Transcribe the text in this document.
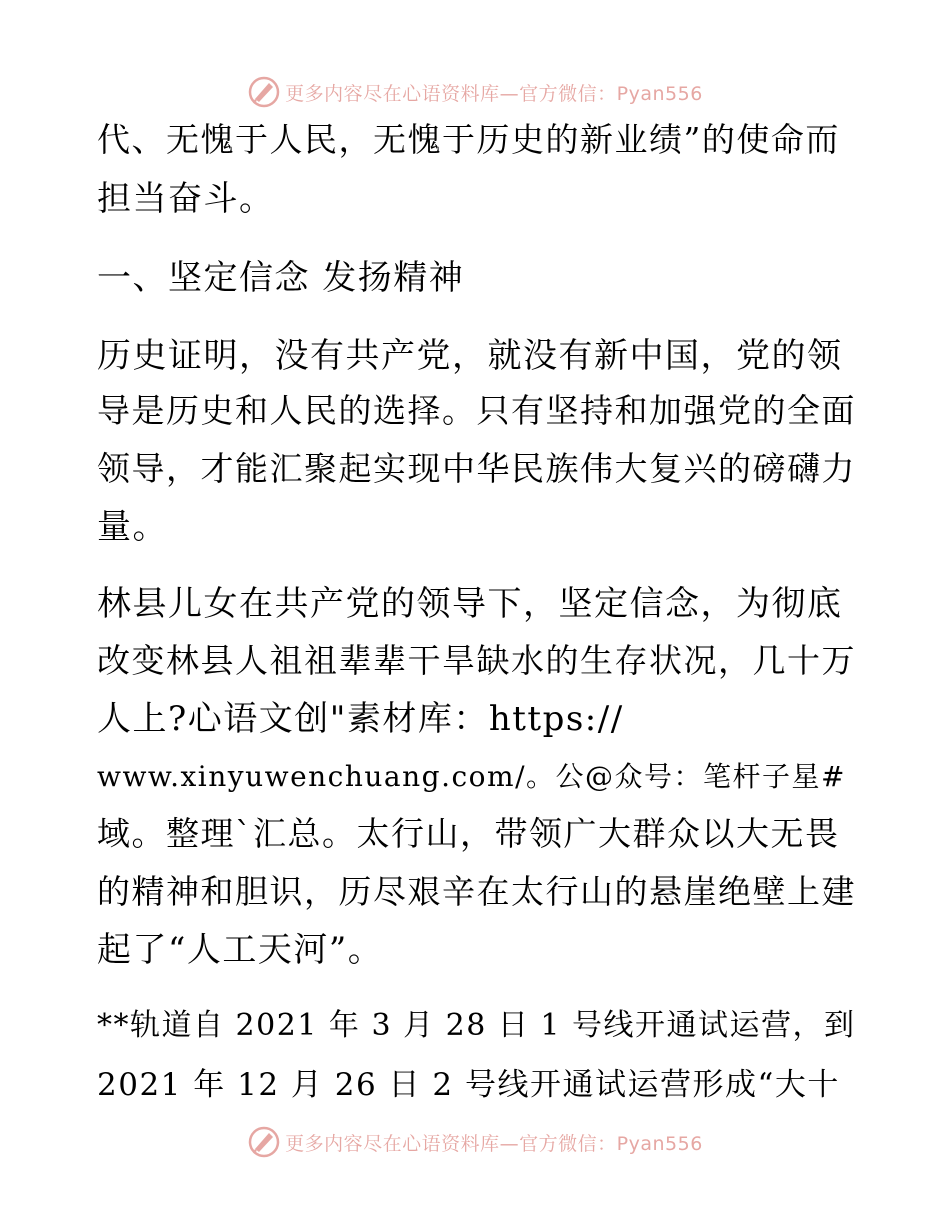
更多内容尽在心语资料库—官方微信：Pyan556
代、无愧于人民，无愧于历史的新业绩”的使命而
担当奋斗。
一、坚定信念 发扬精神
历史证明，没有共产党，就没有新中国，党的领
导是历史和人民的选择。只有坚持和加强党的全面
领导，才能汇聚起实现中华民族伟大复兴的磅礴力
量。
林县儿女在共产党的领导下，坚定信念，为彻底
改变林县人祖祖辈辈干旱缺水的生存状况，几十万
人上?心语文创"素材库：https://
www.xinyuwenchuang.com/。公@众号：笔杆子星#
域。整理`汇总。太行山，带领广大群众以大无畏
的精神和胆识，历尽艰辛在太行山的悬崖绝壁上建
起了“人工天河”。
**轨道自 2021 年 3 月 28 日 1 号线开通试运营，到
2021 年 12 月 26 日 2 号线开通试运营形成“大十
更多内容尽在心语资料库—官方微信：Pyan556
